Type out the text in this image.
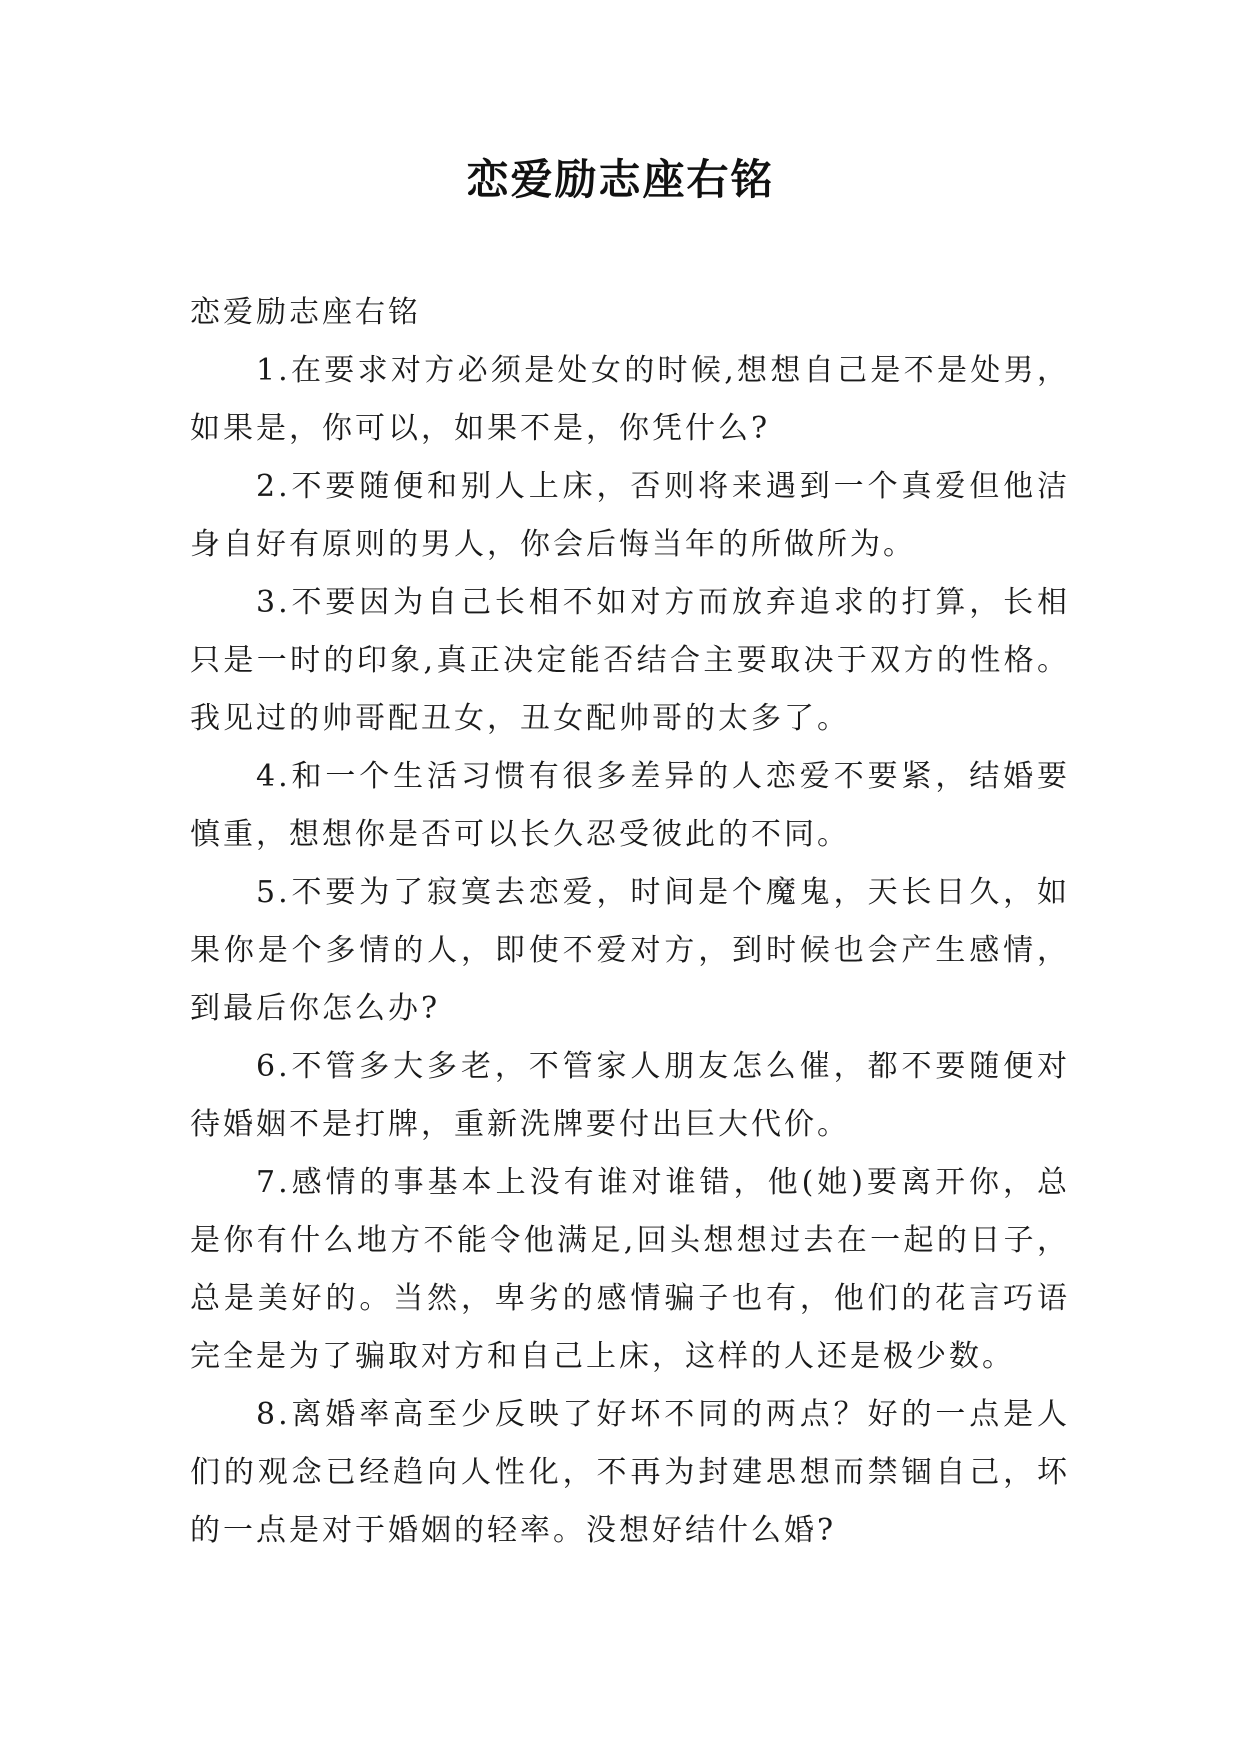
恋爱励志座右铭

恋爱励志座右铭

1.在要求对方必须是处女的时候,想想自己是不是处男，如果是，你可以，如果不是，你凭什么?

2.不要随便和别人上床，否则将来遇到一个真爱但他洁身自好有原则的男人，你会后悔当年的所做所为。

3.不要因为自己长相不如对方而放弃追求的打算，长相只是一时的印象,真正决定能否结合主要取决于双方的性格。我见过的帅哥配丑女，丑女配帅哥的太多了。

4.和一个生活习惯有很多差异的人恋爱不要紧，结婚要慎重，想想你是否可以长久忍受彼此的不同。

5.不要为了寂寞去恋爱，时间是个魔鬼，天长日久，如果你是个多情的人，即使不爱对方，到时候也会产生感情，到最后你怎么办?

6.不管多大多老，不管家人朋友怎么催，都不要随便对待婚姻不是打牌，重新洗牌要付出巨大代价。

7.感情的事基本上没有谁对谁错，他(她)要离开你，总是你有什么地方不能令他满足,回头想想过去在一起的日子，总是美好的。当然，卑劣的感情骗子也有，他们的花言巧语完全是为了骗取对方和自己上床，这样的人还是极少数。

8.离婚率高至少反映了好坏不同的两点？好的一点是人们的观念已经趋向人性化，不再为封建思想而禁锢自己，坏的一点是对于婚姻的轻率。没想好结什么婚?
